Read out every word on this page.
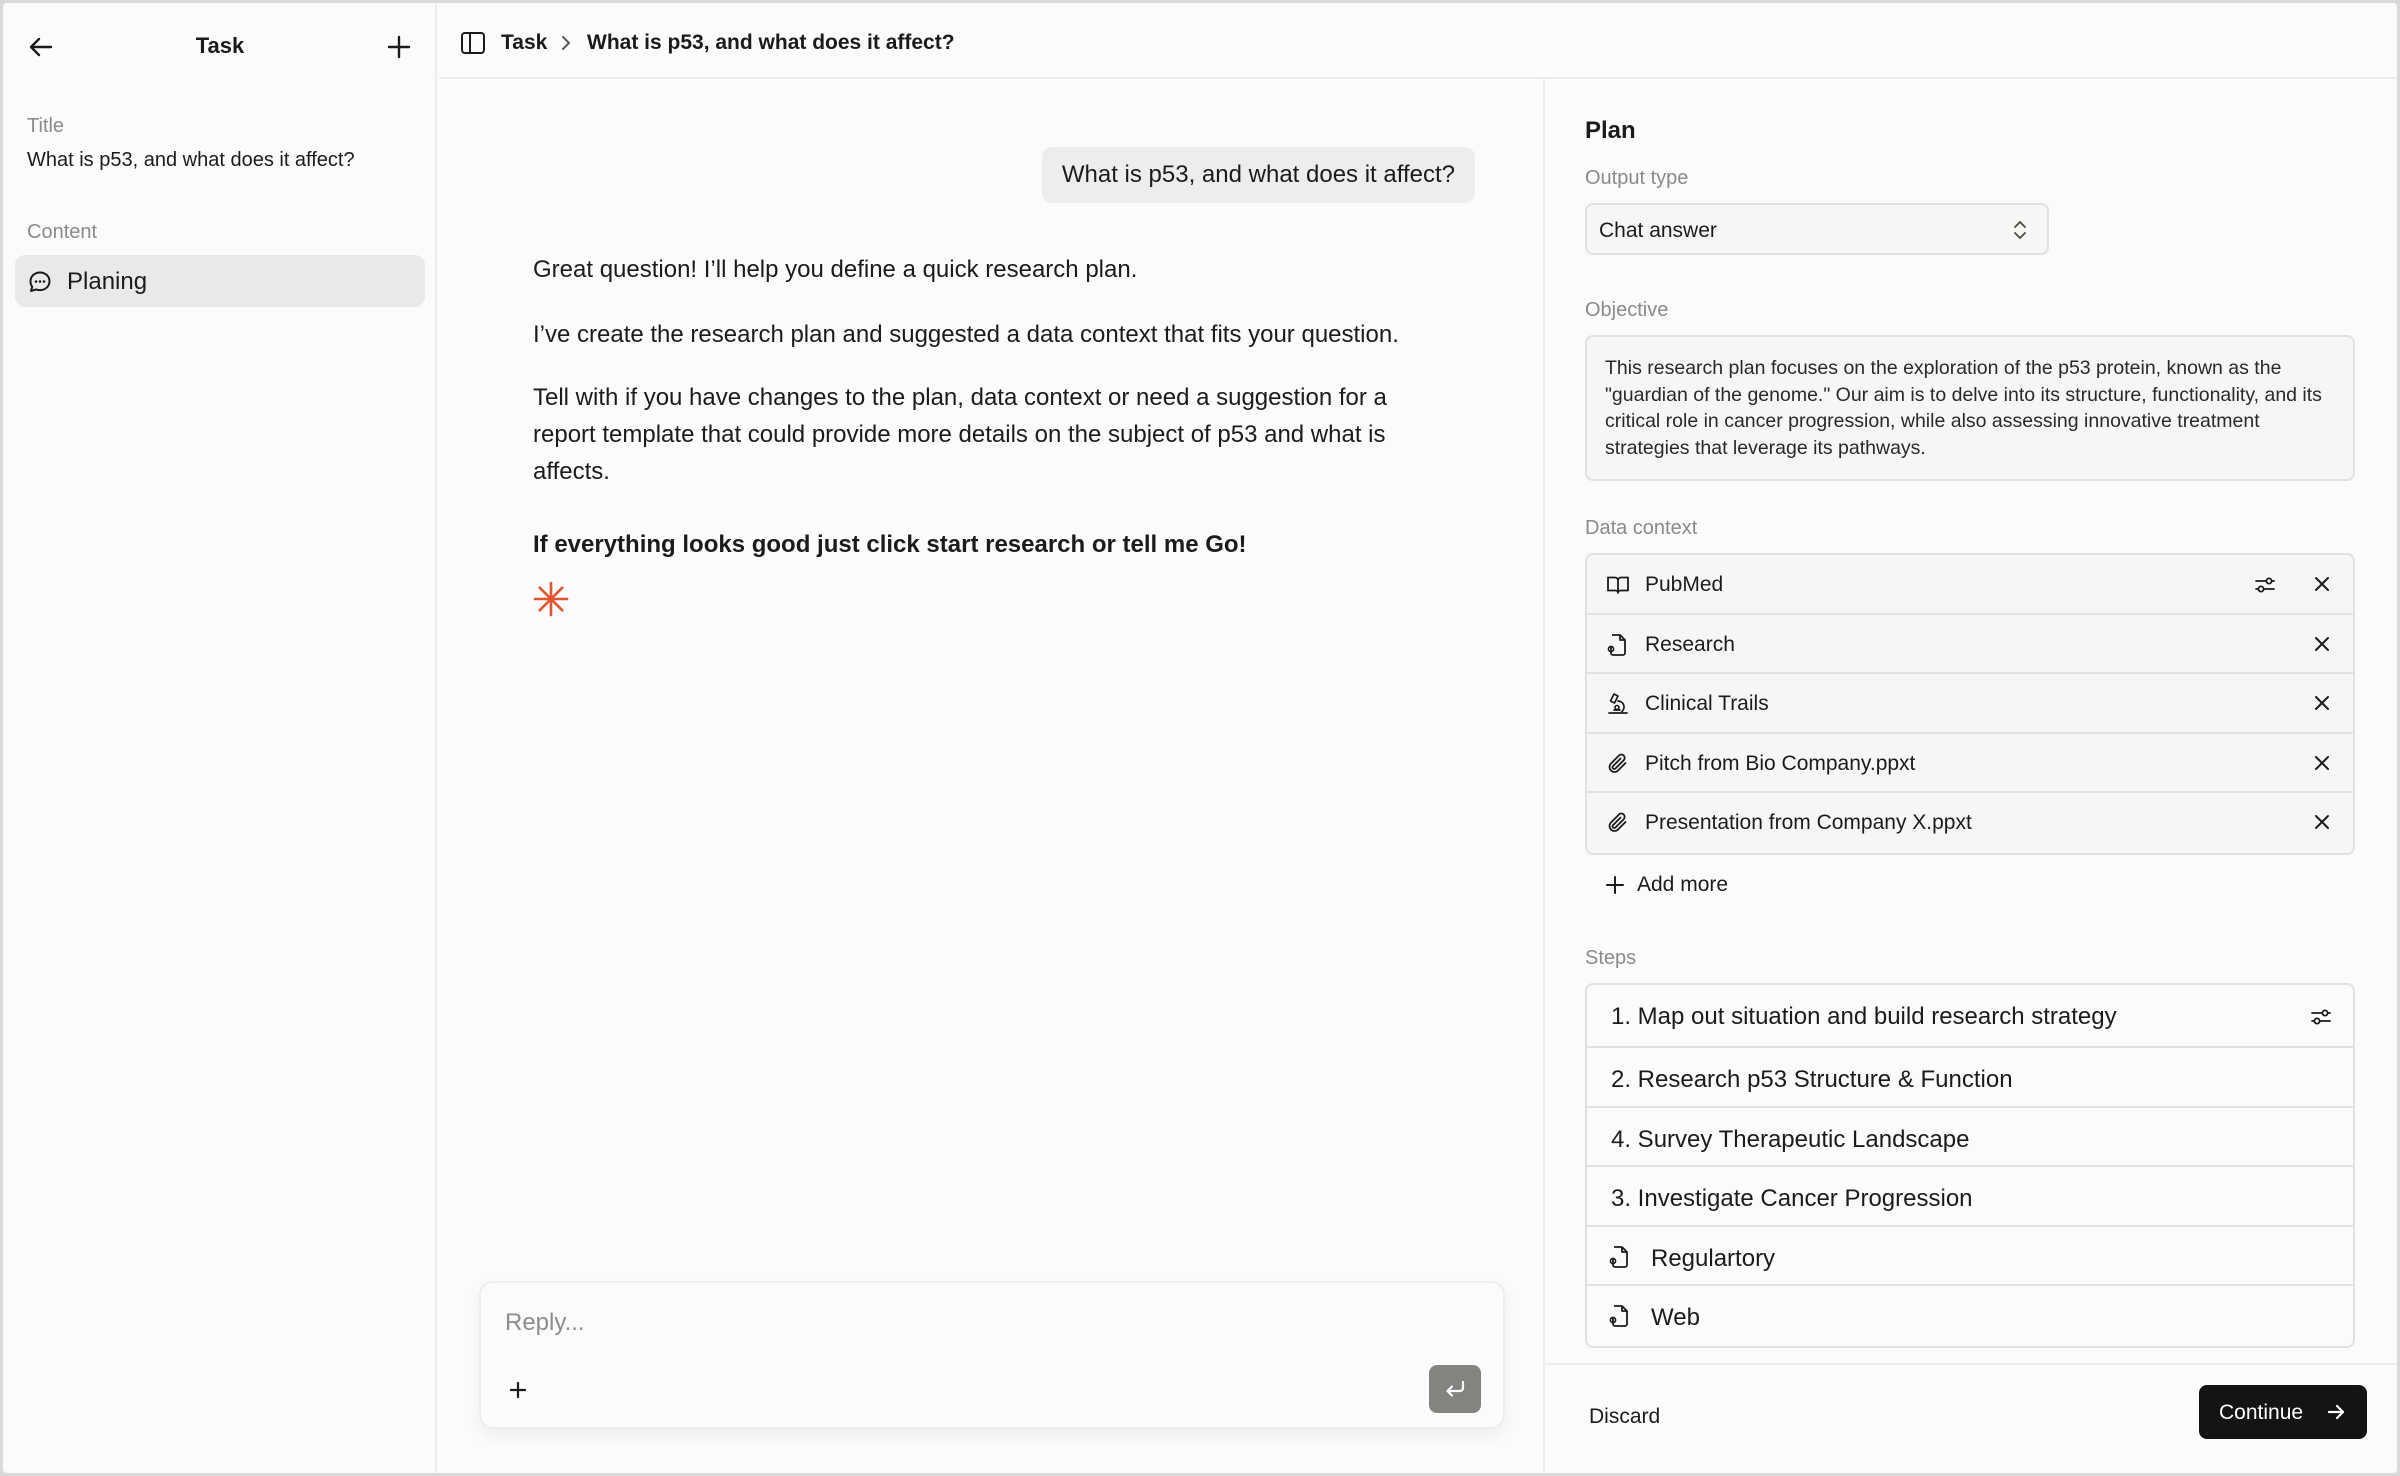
Task
Title
What is p53, and what does it affect?
Content
Planing
Task What is p53, and what does it affect?
What is p53, and what does it affect?

Great question! I’ll help you define a quick research plan.

I’ve create the research plan and suggested a data context that fits your question.

Tell with if you have changes to the plan, data context or need a suggestion for a report template that could provide more details on the subject of p53 and what is affects.

If everything looks good just click start research or tell me Go!

Reply...
Plan
Output type
Chat answer
Objective
This research plan focuses on the exploration of the p53 protein, known as the "guardian of the genome." Our aim is to delve into its structure, functionality, and its critical role in cancer progression, while also assessing innovative treatment strategies that leverage its pathways.
Data context
PubMed
Research
Clinical Trails
Pitch from Bio Company.ppxt
Presentation from Company X.ppxt
Add more
Steps
1. Map out situation and build research strategy
2. Research p53 Structure & Function
4. Survey Therapeutic Landscape
3. Investigate Cancer Progression
Regulartory
Web
Discard	Continue
